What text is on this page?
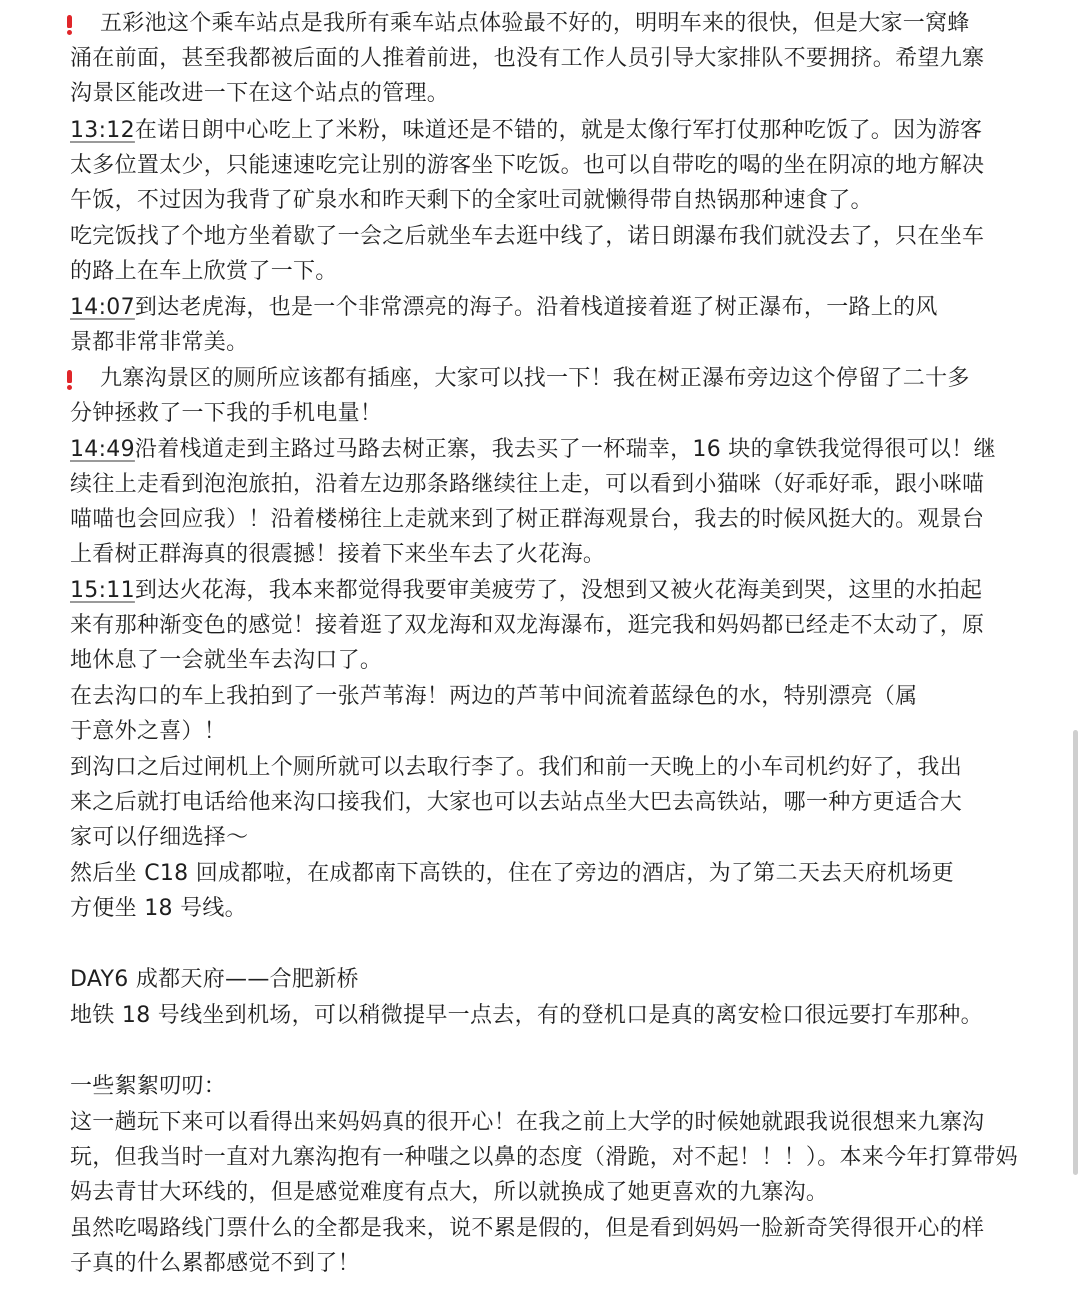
五彩池这个乘车站点是我所有乘车站点体验最不好的，明明车来的很快，但是大家一窝蜂
涌在前面，甚至我都被后面的人推着前进，也没有工作人员引导大家排队不要拥挤。希望九寨
沟景区能改进一下在这个站点的管理。
13:12在诺日朗中心吃上了米粉，味道还是不错的，就是太像行军打仗那种吃饭了。因为游客
太多位置太少，只能速速吃完让别的游客坐下吃饭。也可以自带吃的喝的坐在阴凉的地方解决
午饭，不过因为我背了矿泉水和昨天剩下的全家吐司就懒得带自热锅那种速食了。
吃完饭找了个地方坐着歇了一会之后就坐车去逛中线了，诺日朗瀑布我们就没去了，只在坐车
的路上在车上欣赏了一下。
14:07到达老虎海，也是一个非常漂亮的海子。沿着栈道接着逛了树正瀑布，一路上的风
景都非常非常美。
九寨沟景区的厕所应该都有插座，大家可以找一下！我在树正瀑布旁边这个停留了二十多
分钟拯救了一下我的手机电量！
14:49沿着栈道走到主路过马路去树正寨，我去买了一杯瑞幸，16 块的拿铁我觉得很可以！继
续往上走看到泡泡旅拍，沿着左边那条路继续往上走，可以看到小猫咪（好乖好乖，跟小咪喵
喵喵也会回应我）！沿着楼梯往上走就来到了树正群海观景台，我去的时候风挺大的。观景台
上看树正群海真的很震撼！接着下来坐车去了火花海。
15:11到达火花海，我本来都觉得我要审美疲劳了，没想到又被火花海美到哭，这里的水拍起
来有那种渐变色的感觉！接着逛了双龙海和双龙海瀑布，逛完我和妈妈都已经走不太动了，原
地休息了一会就坐车去沟口了。
在去沟口的车上我拍到了一张芦苇海！两边的芦苇中间流着蓝绿色的水，特别漂亮（属
于意外之喜）！
到沟口之后过闸机上个厕所就可以去取行李了。我们和前一天晚上的小车司机约好了，我出
来之后就打电话给他来沟口接我们，大家也可以去站点坐大巴去高铁站，哪一种方更适合大
家可以仔细选择～
然后坐 C18 回成都啦，在成都南下高铁的，住在了旁边的酒店，为了第二天去天府机场更
方便坐 18 号线。
DAY6 成都天府——合肥新桥
地铁 18 号线坐到机场，可以稍微提早一点去，有的登机口是真的离安检口很远要打车那种。
一些絮絮叨叨：
这一趟玩下来可以看得出来妈妈真的很开心！在我之前上大学的时候她就跟我说很想来九寨沟
玩，但我当时一直对九寨沟抱有一种嗤之以鼻的态度（滑跪，对不起！！！）。本来今年打算带妈
妈去青甘大环线的，但是感觉难度有点大，所以就换成了她更喜欢的九寨沟。
虽然吃喝路线门票什么的全都是我来，说不累是假的，但是看到妈妈一脸新奇笑得很开心的样
子真的什么累都感觉不到了！
